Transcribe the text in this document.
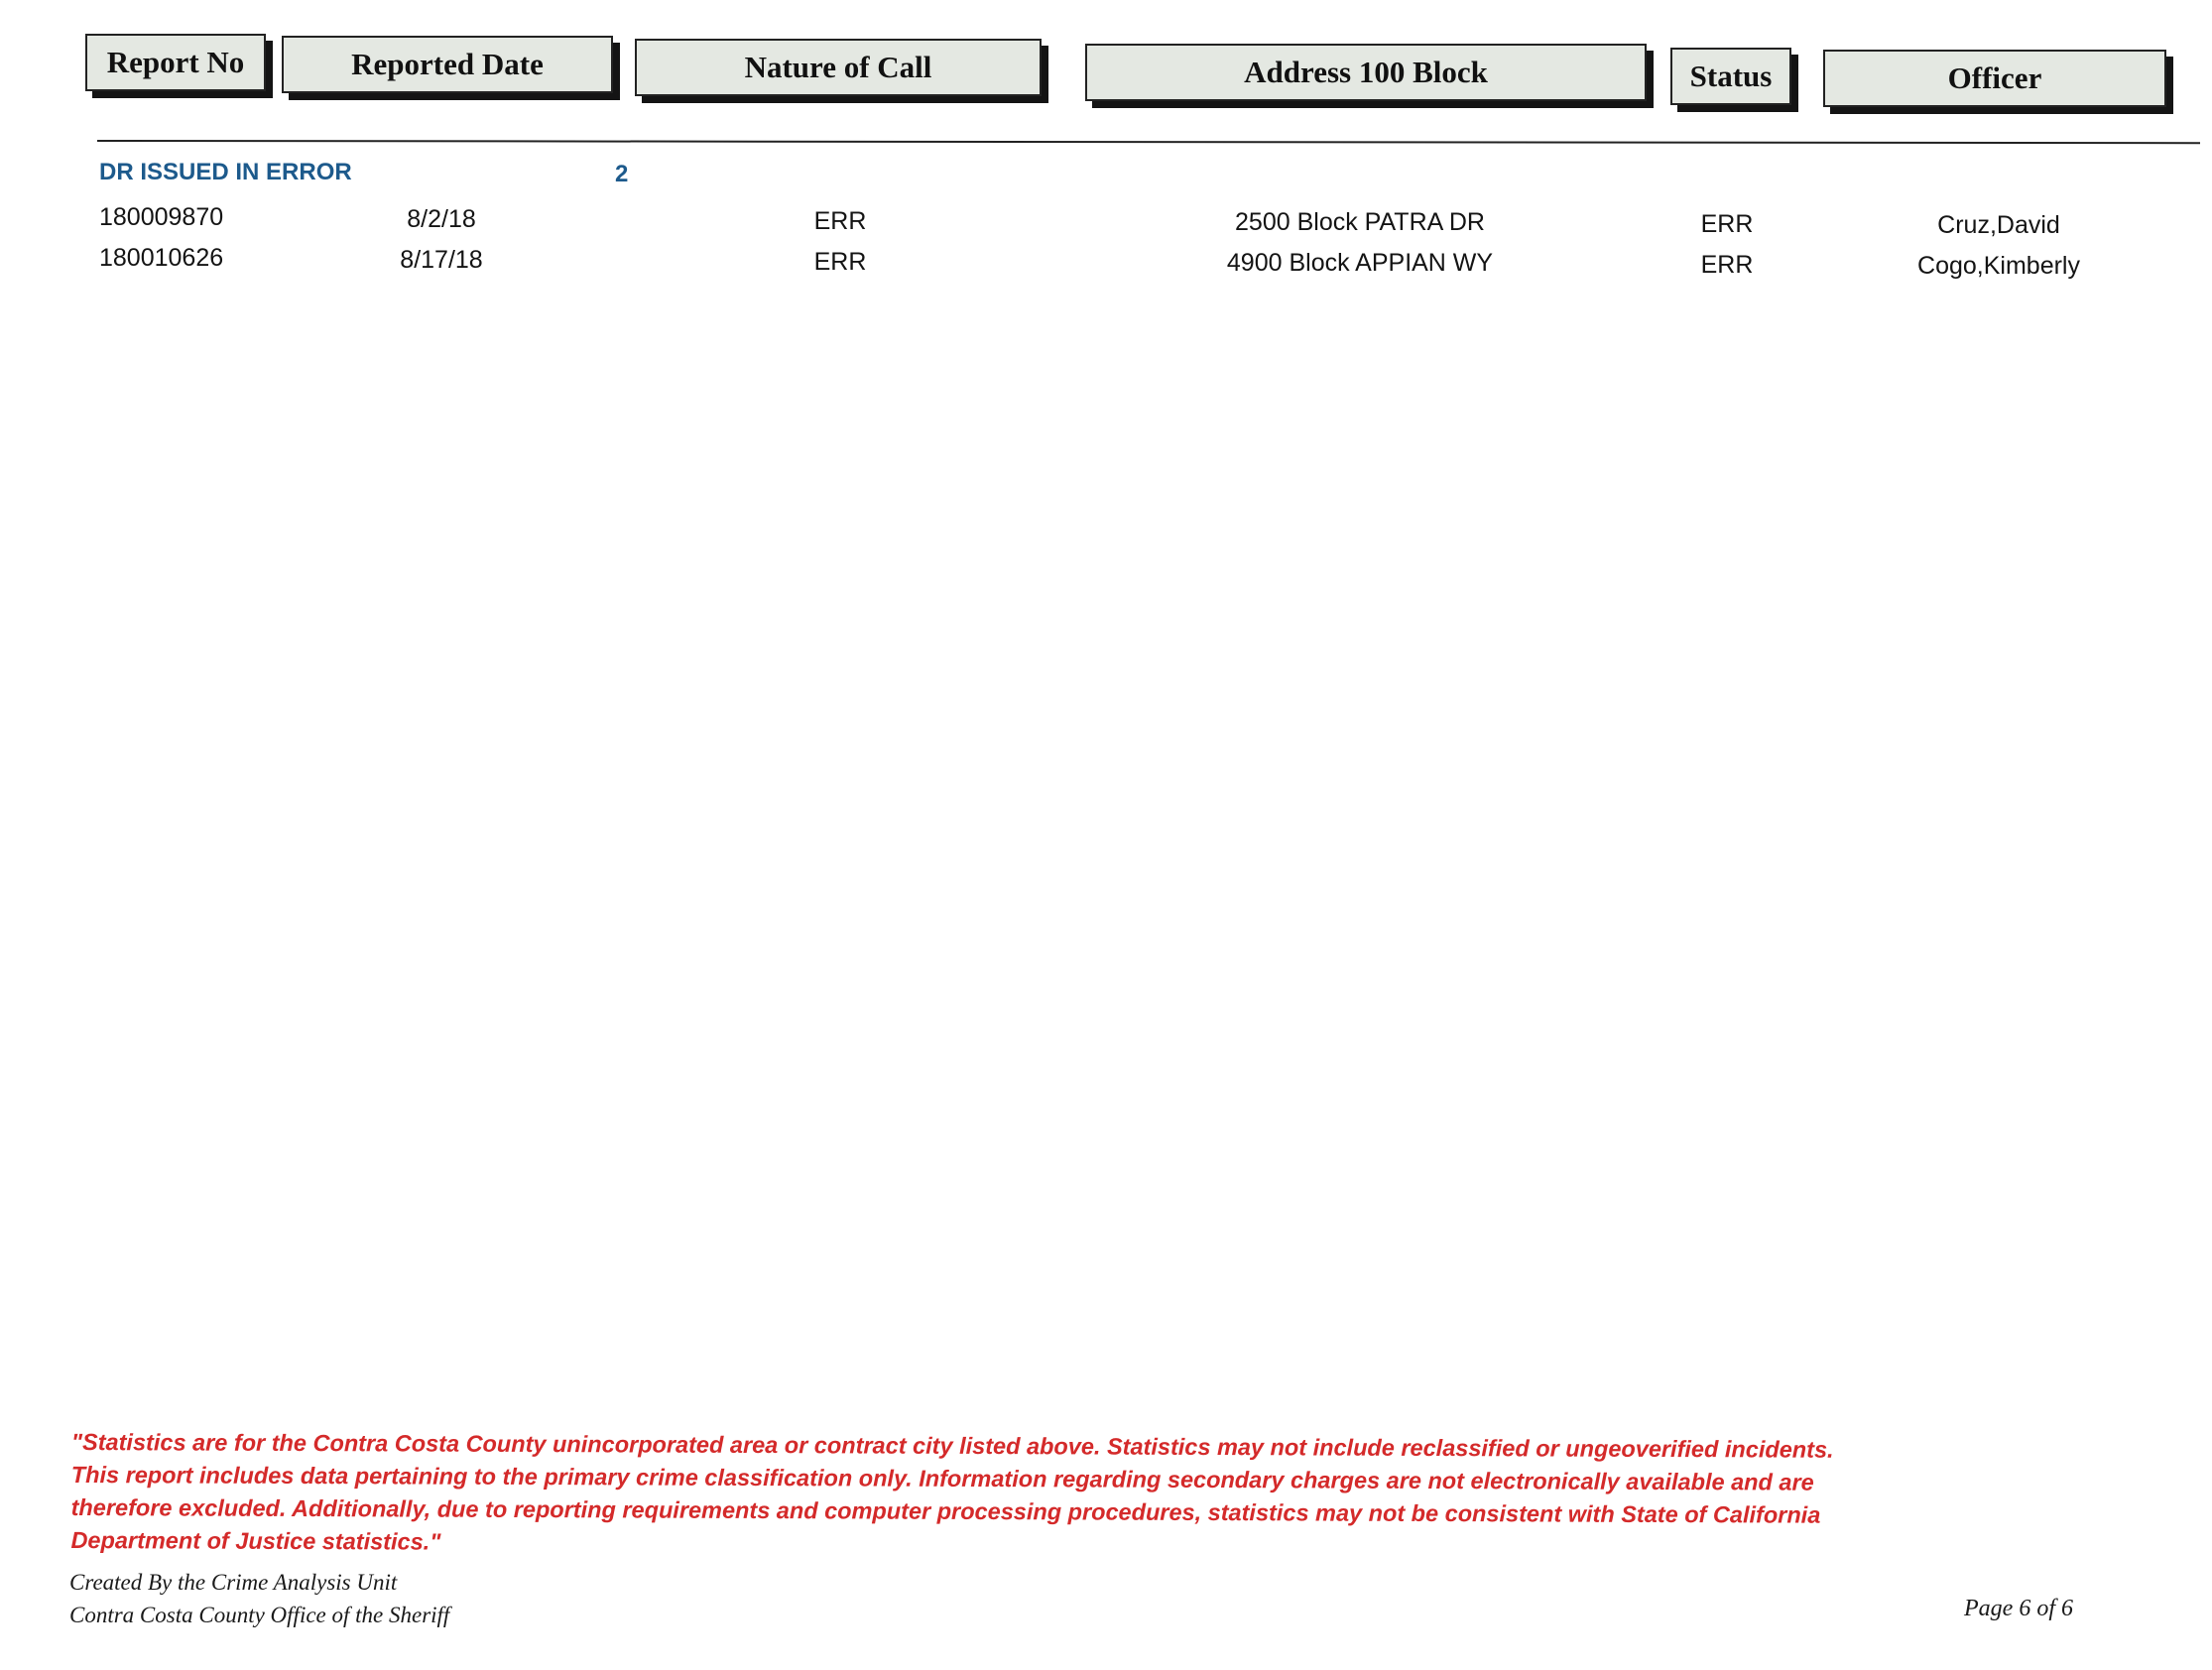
Report No	Reported Date	Nature of Call	Address 100 Block	Status	Officer
DR ISSUED IN ERROR	2
180009870	8/2/18	ERR	2500 Block PATRA DR	ERR	Cruz,David
180010626	8/17/18	ERR	4900 Block APPIAN WY	ERR	Cogo,Kimberly
"Statistics are for the Contra Costa County unincorporated area or contract city listed above. Statistics may not include reclassified or ungeoverified incidents. This report includes data pertaining to the primary crime classification only. Information regarding secondary charges are not electronically available and are therefore excluded. Additionally, due to reporting requirements and computer processing procedures, statistics may not be consistent with State of California Department of Justice statistics."
Created By the Crime Analysis Unit
Contra Costa County Office of the Sheriff	Page 6 of 6
